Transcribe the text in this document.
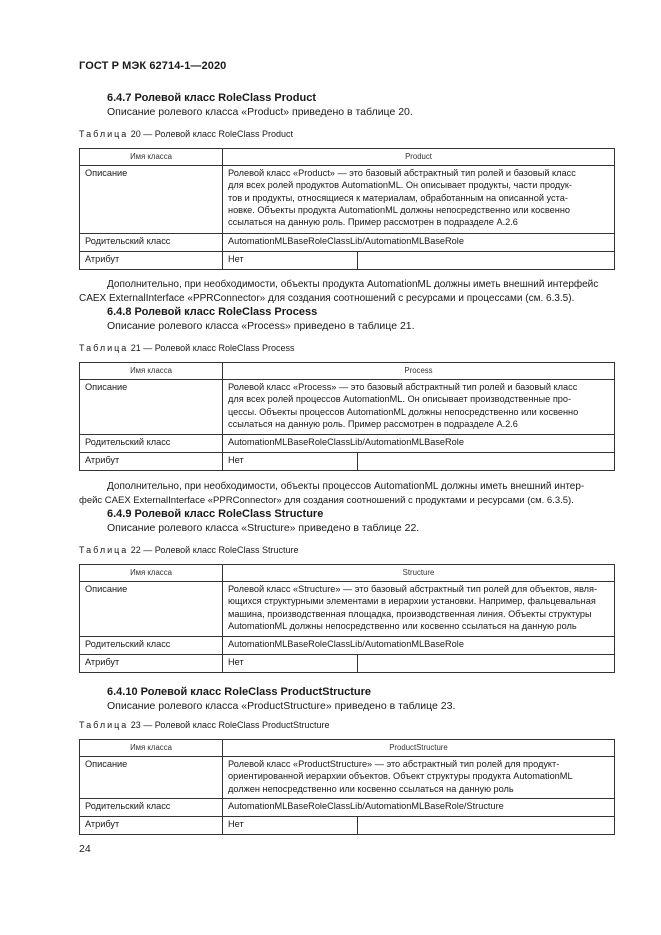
ГОСТ Р МЭК 62714-1—2020
6.4.7 Ролевой класс RoleClass Product
Описание ролевого класса «Product» приведено в таблице 20.
Таблица 20 — Ролевой класс RoleClass Product
Имя класса	Product	
Описание	Ролевой класс «Product» — это базовый абстрактный тип ролей и базовый класс
для всех ролей продуктов AutomationML. Он описывает продукты, части продук-
тов и продукты, относящиеся к материалам, обработанным на описанной уста-
новке. Объекты продукта AutomationML должны непосредственно или косвенно
ссылаться на данную роль. Пример рассмотрен в подразделе А.2.6	

Родительский класс	AutomationMLBaseRoleClassLib/AutomationMLBaseRole	
Атрибут	Нет	
Дополнительно, при необходимости, объекты продукта AutomationML должны иметь внешний интерфейс
CAEX ExternalInterface «PPRConnector» для создания соотношений с ресурсами и процессами (см. 6.3.5).
6.4.8 Ролевой класс RoleClass Process
Описание ролевого класса «Process» приведено в таблице 21.
Таблица 21 — Ролевой класс RoleClass Process
Имя класса	Process	
Описание	Ролевой класс «Process» — это базовый абстрактный тип ролей и базовый класс
для всех ролей процессов AutomationML. Он описывает производственные про-
цессы. Объекты процессов AutomationML должны непосредственно или косвенно
ссылаться на данную роль. Пример рассмотрен в подразделе А.2.6	

Родительский класс	AutomationMLBaseRoleClassLib/AutomationMLBaseRole	
Атрибут	Нет	
Дополнительно, при необходимости, объекты процессов AutomationML должны иметь внешний интер-
фейс CAEX ExternalInterface «PPRConnector» для создания соотношений с продуктами и ресурсами (см. 6.3.5).
6.4.9 Ролевой класс RoleClass Structure
Описание ролевого класса «Structure» приведено в таблице 22.
Таблица 22 — Ролевой класс RoleClass Structure
Имя класса	Structure	
Описание	Ролевой класс «Structure» — это базовый абстрактный тип ролей для объектов, явля-
ющихся структурными элементами в иерархии установки. Например, фальцевальная
машина, производственная площадка, производственная линия. Объекты структуры
AutomationML должны непосредственно или косвенно ссылаться на данную роль	

Родительский класс	AutomationMLBaseRoleClassLib/AutomationMLBaseRole	
Атрибут	Нет	
6.4.10 Ролевой класс RoleClass ProductStructure
Описание ролевого класса «ProductStructure» приведено в таблице 23.
Таблица 23 — Ролевой класс RoleClass ProductStructure
Имя класса	ProductStructure	
Описание	Ролевой класс «ProductStructure» — это абстрактный тип ролей для продукт-
ориентированной иерархии объектов. Объект структуры продукта AutomationML
должен непосредственно или косвенно ссылаться на данную роль	

Родительский класс	AutomationMLBaseRoleClassLib/AutomationMLBaseRole/Structure	
Атрибут	Нет	
24
